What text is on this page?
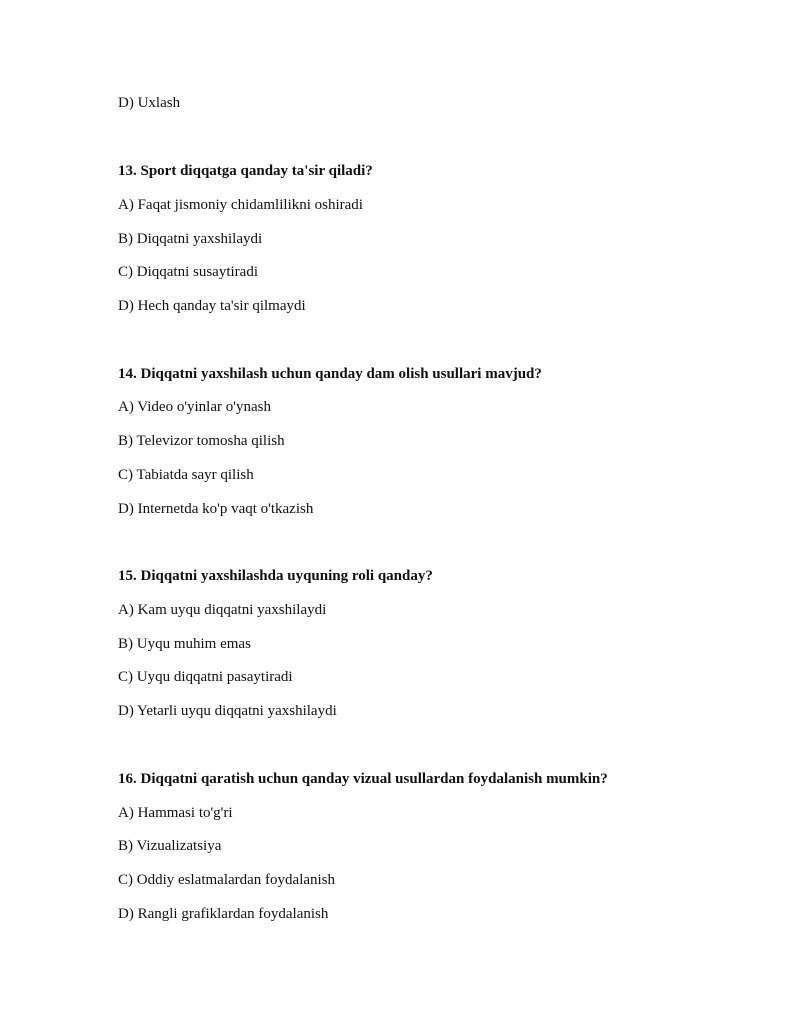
D) Uxlash
13. Sport diqqatga qanday ta'sir qiladi?
A) Faqat jismoniy chidamlilikni oshiradi
B) Diqqatni yaxshilaydi
C) Diqqatni susaytiradi
D) Hech qanday ta'sir qilmaydi
14. Diqqatni yaxshilash uchun qanday dam olish usullari mavjud?
A) Video o'yinlar o'ynash
B) Televizor tomosha qilish
C) Tabiatda sayr qilish
D) Internetda ko'p vaqt o'tkazish
15. Diqqatni yaxshilashda uyquning roli qanday?
A) Kam uyqu diqqatni yaxshilaydi
B) Uyqu muhim emas
C) Uyqu diqqatni pasaytiradi
D) Yetarli uyqu diqqatni yaxshilaydi
16. Diqqatni qaratish uchun qanday vizual usullardan foydalanish mumkin?
A) Hammasi to'g'ri
B) Vizualizatsiya
C) Oddiy eslatmalardan foydalanish
D) Rangli grafiklardan foydalanish
